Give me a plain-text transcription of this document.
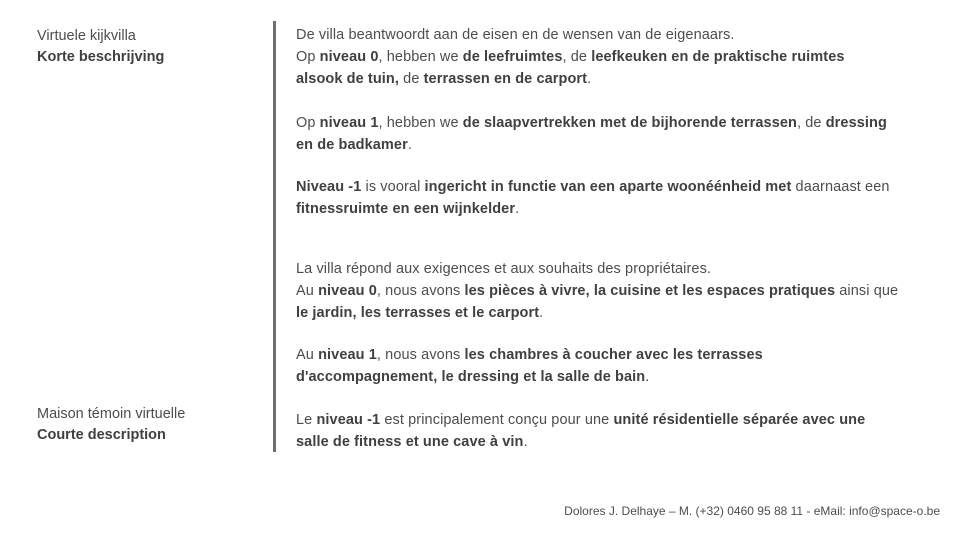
Virtuele kijkvilla
Korte beschrijving
Maison témoin virtuelle
Courte description

De villa beantwoordt aan de eisen en de wensen van de eigenaars.
Op niveau 0, hebben we de leefruimtes, de leefkeuken en de praktische ruimtes
alsook de tuin, de terrassen en de carport.

Op niveau 1, hebben we de slaapvertrekken met de bijhorende terrassen, de dressing
en de badkamer.

Niveau -1 is vooral ingericht in functie van een aparte woonéénheid met daarnaast een
fitnessruimte en een wijnkelder.

La villa répond aux exigences et aux souhaits des propriétaires.
Au niveau 0, nous avons les pièces à vivre, la cuisine et les espaces pratiques ainsi que
le jardin, les terrasses et le carport.

Au niveau 1, nous avons les chambres à coucher avec les terrasses
d'accompagnement, le dressing et la salle de bain.

Le niveau -1 est principalement conçu pour une unité résidentielle séparée avec une
salle de fitness et une cave à vin.

Dolores J. Delhaye – M. (+32) 0460 95 88 11 - eMail: info@space-o.be
